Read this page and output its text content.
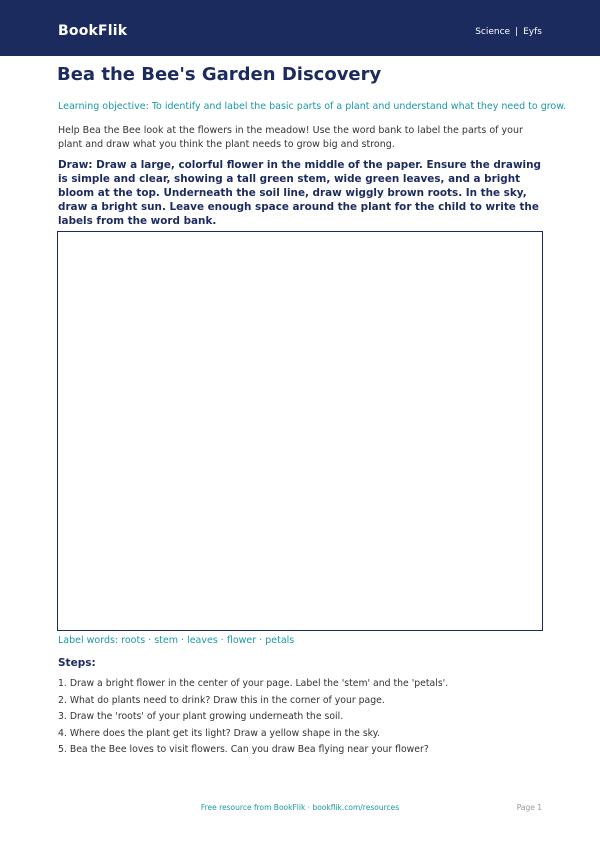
BookFlik	Science | Eyfs
Bea the Bee's Garden Discovery
Learning objective: To identify and label the basic parts of a plant and understand what they need to grow.
Help Bea the Bee look at the flowers in the meadow! Use the word bank to label the parts of your plant and draw what you think the plant needs to grow big and strong.
Draw: Draw a large, colorful flower in the middle of the paper. Ensure the drawing is simple and clear, showing a tall green stem, wide green leaves, and a bright bloom at the top. Underneath the soil line, draw wiggly brown roots. In the sky, draw a bright sun. Leave enough space around the plant for the child to write the labels from the word bank.
Label words: roots · stem · leaves · flower · petals
Steps:
1. Draw a bright flower in the center of your page. Label the 'stem' and the 'petals'.
2. What do plants need to drink? Draw this in the corner of your page.
3. Draw the 'roots' of your plant growing underneath the soil.
4. Where does the plant get its light? Draw a yellow shape in the sky.
5. Bea the Bee loves to visit flowers. Can you draw Bea flying near your flower?
Free resource from BookFlik · bookflik.com/resources	Page 1
